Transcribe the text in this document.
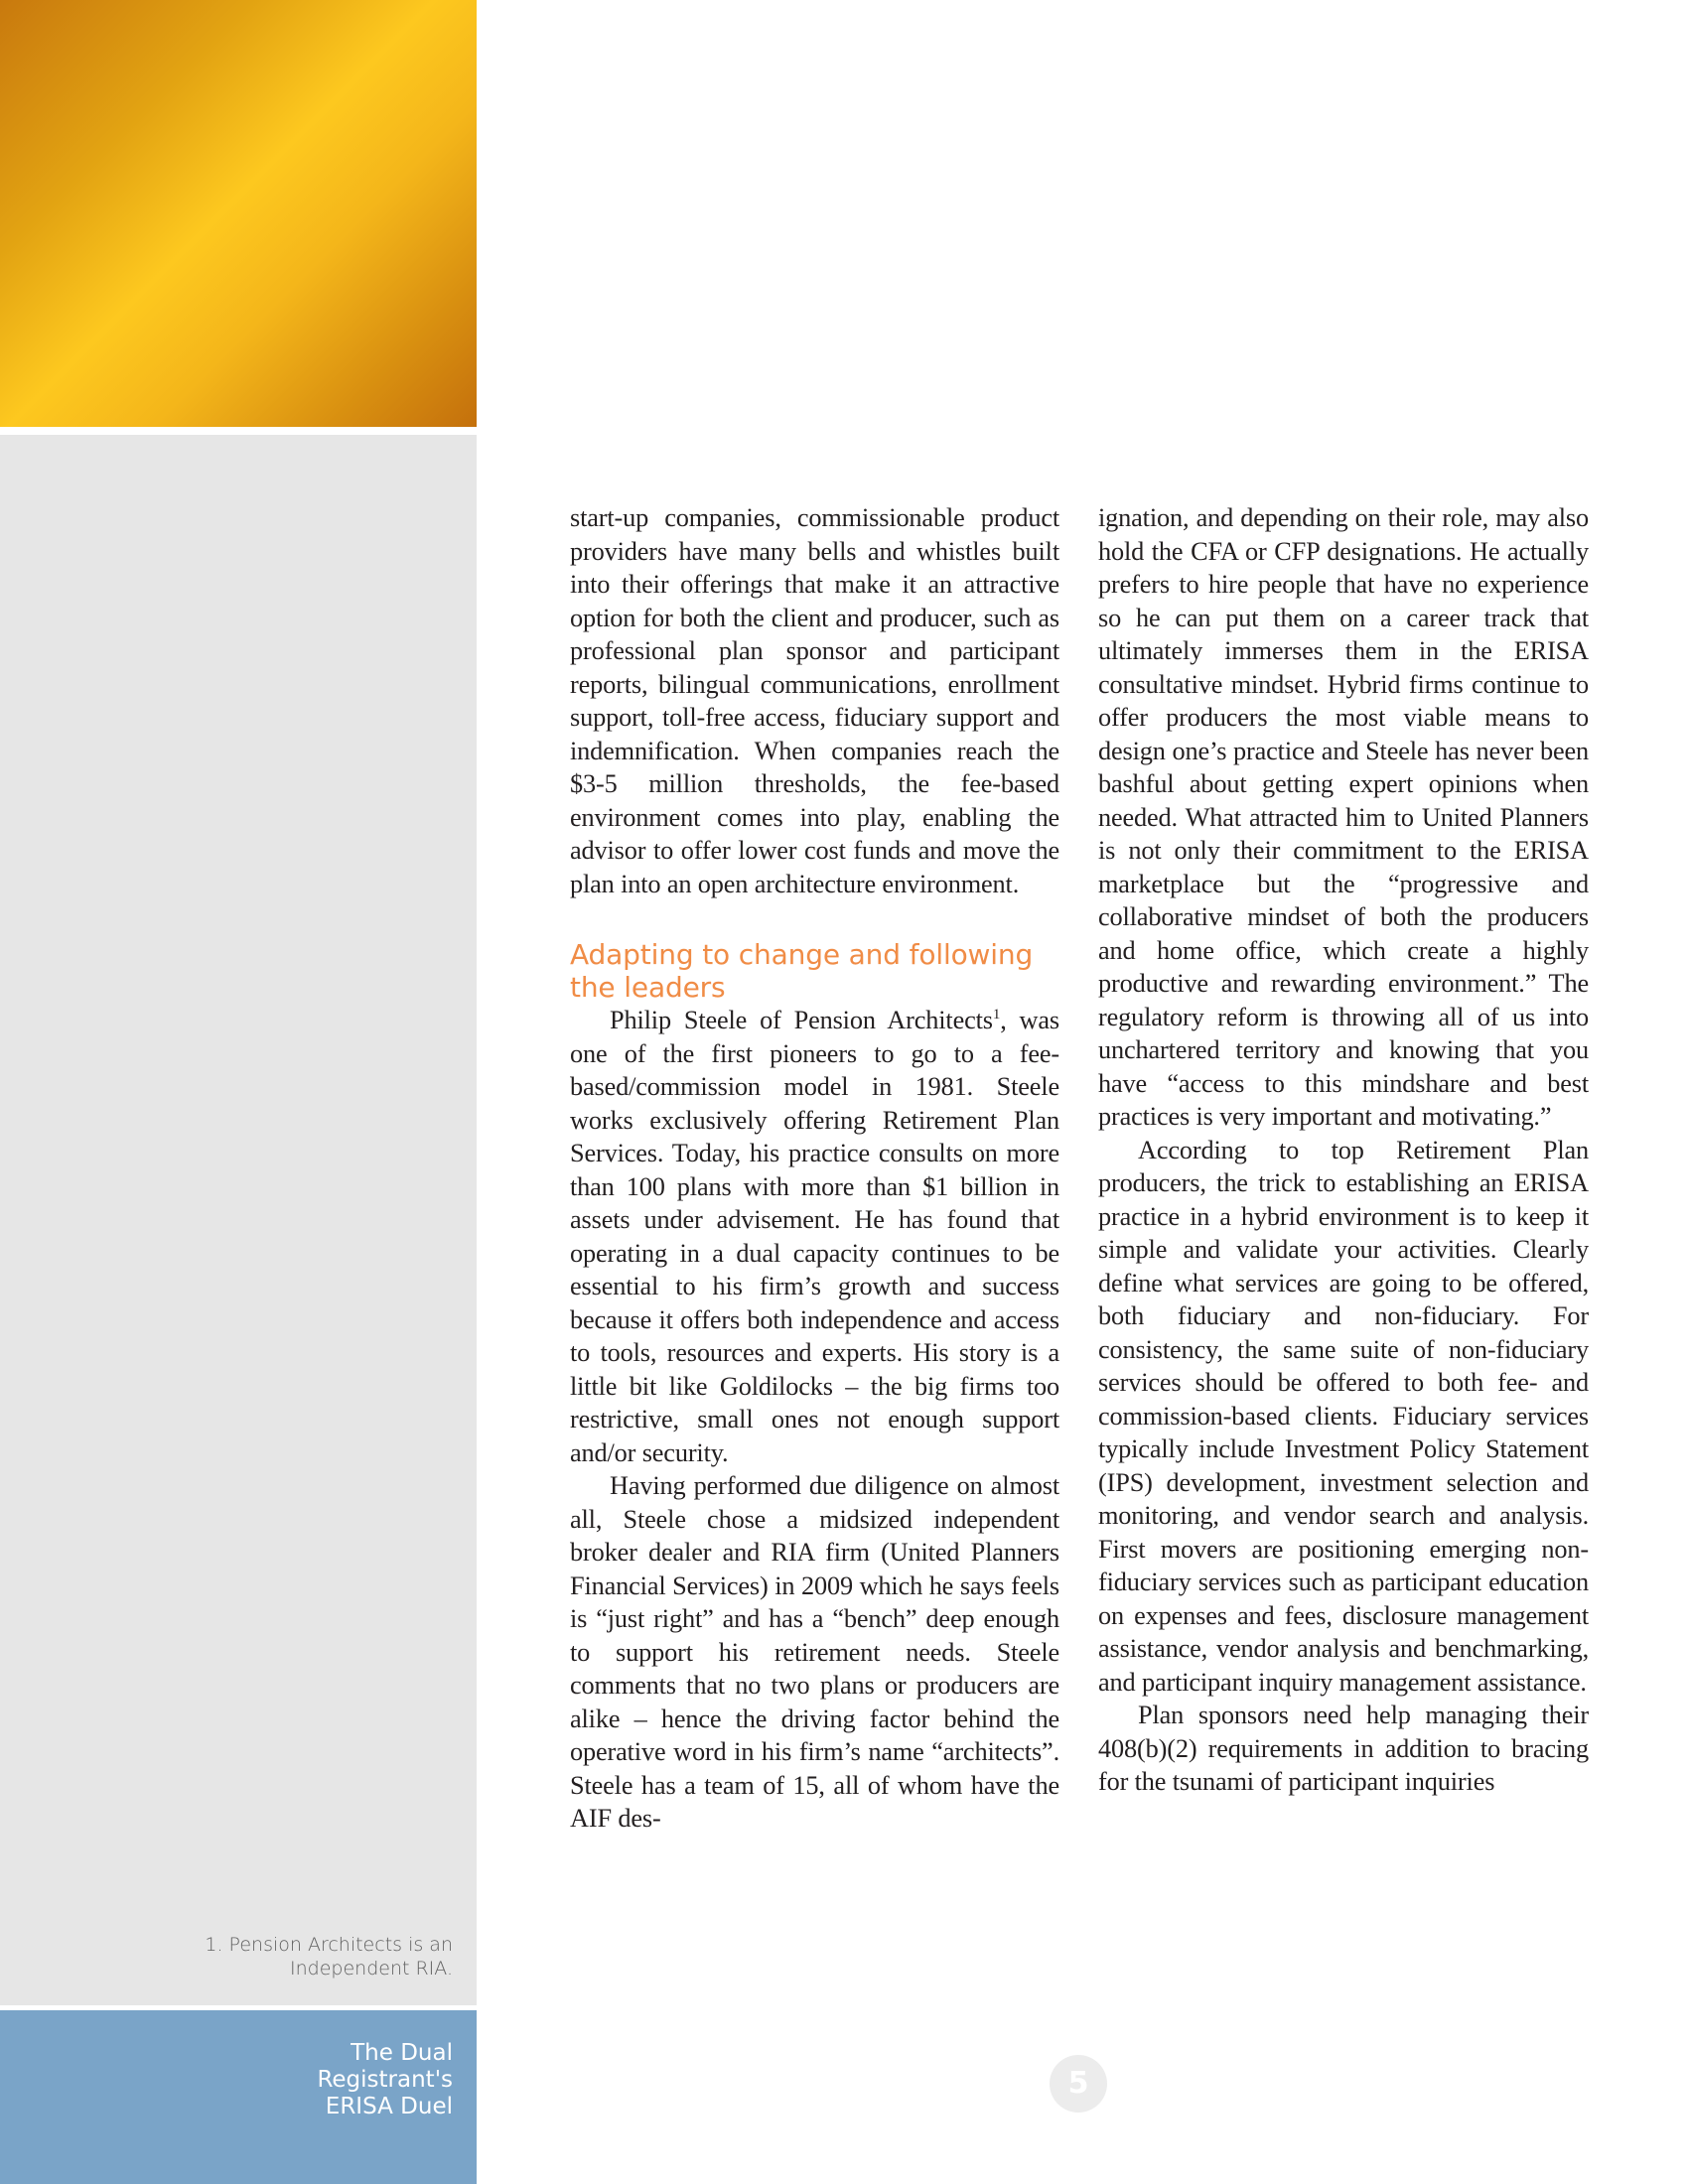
1. Pension Architects is an Independent RIA.
The Dual
Registrant's
ERISA Duel
5

start-up companies, commissionable product providers have many bells and whistles built into their offerings that make it an attractive option for both the client and producer, such as professional plan sponsor and participant reports, bilingual communications, enrollment support, toll-free access, fiduciary support and indemnification. When companies reach the $3-5 million thresholds, the fee-based environment comes into play, enabling the advisor to offer lower cost funds and move the plan into an open architecture environment.

Adapting to change and following the leaders

Philip Steele of Pension Architects$^1$, was one of the first pioneers to go to a fee-based/commission model in 1981. Steele works exclusively offering Retirement Plan Services. Today, his practice consults on more than 100 plans with more than $1 billion in assets under advisement. He has found that operating in a dual capacity continues to be essential to his firm’s growth and success because it offers both independence and access to tools, resources and experts. His story is a little bit like Goldilocks – the big firms too restrictive, small ones not enough support and/or security.

Having performed due diligence on almost all, Steele chose a midsized independent broker dealer and RIA firm (United Planners Financial Services) in 2009 which he says feels is “just right” and has a “bench” deep enough to support his retirement needs. Steele comments that no two plans or producers are alike – hence the driving factor behind the operative word in his firm’s name “architects”. Steele has a team of 15, all of whom have the AIF des-

ignation, and depending on their role, may also hold the CFA or CFP designations. He actually prefers to hire people that have no experience so he can put them on a career track that ultimately immerses them in the ERISA consultative mindset. Hybrid firms continue to offer producers the most viable means to design one’s practice and Steele has never been bashful about getting expert opinions when needed. What attracted him to United Planners is not only their commitment to the ERISA marketplace but the “progressive and collaborative mindset of both the producers and home office, which create a highly productive and rewarding environment.” The regulatory reform is throwing all of us into unchartered territory and knowing that you have “access to this mindshare and best practices is very important and motivating.”

According to top Retirement Plan producers, the trick to establishing an ERISA practice in a hybrid environment is to keep it simple and validate your activities. Clearly define what services are going to be offered, both fiduciary and non-fiduciary. For consistency, the same suite of non-fiduciary services should be offered to both fee- and commission-based clients. Fiduciary services typically include Investment Policy Statement (IPS) development, investment selection and monitoring, and vendor search and analysis. First movers are positioning emerging non-fiduciary services such as participant education on expenses and fees, disclosure management assistance, vendor analysis and benchmarking, and participant inquiry management assistance.

Plan sponsors need help managing their 408(b)(2) requirements in addition to bracing for the tsunami of participant inquiries
